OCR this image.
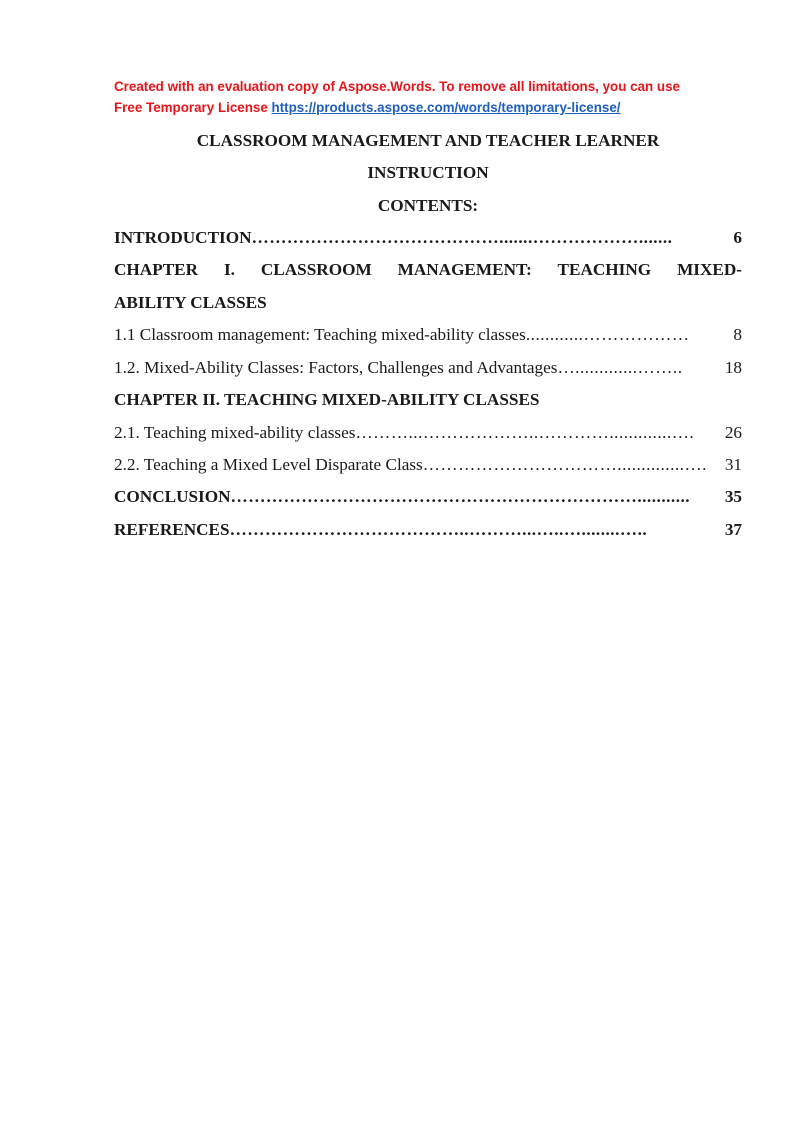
Created with an evaluation copy of Aspose.Words. To remove all limitations, you can use
Free Temporary License https://products.aspose.com/words/temporary-license/
CLASSROOM MANAGEMENT AND TEACHER LEARNER
INSTRUCTION
CONTENTS:
INTRODUCTION …………………………………….......……………….......	6
CHAPTER I. CLASSROOM MANAGEMENT: TEACHING MIXED-
ABILITY CLASSES
1.1 Classroom management: Teaching mixed-ability classes ............………………	8
1.2. Mixed-Ability Classes: Factors, Challenges and Advantages ….............……..	18
CHAPTER II. TEACHING MIXED-ABILITY CLASSES
2.1. Teaching mixed-ability classes ………...………………..………….............….	26
2.2. Teaching a Mixed Level Disparate Class ……………………………..............….	31
CONCLUSION ……………………………………………………………...........	35
REFERENCES …………………………………..………...…..…........…..	37
